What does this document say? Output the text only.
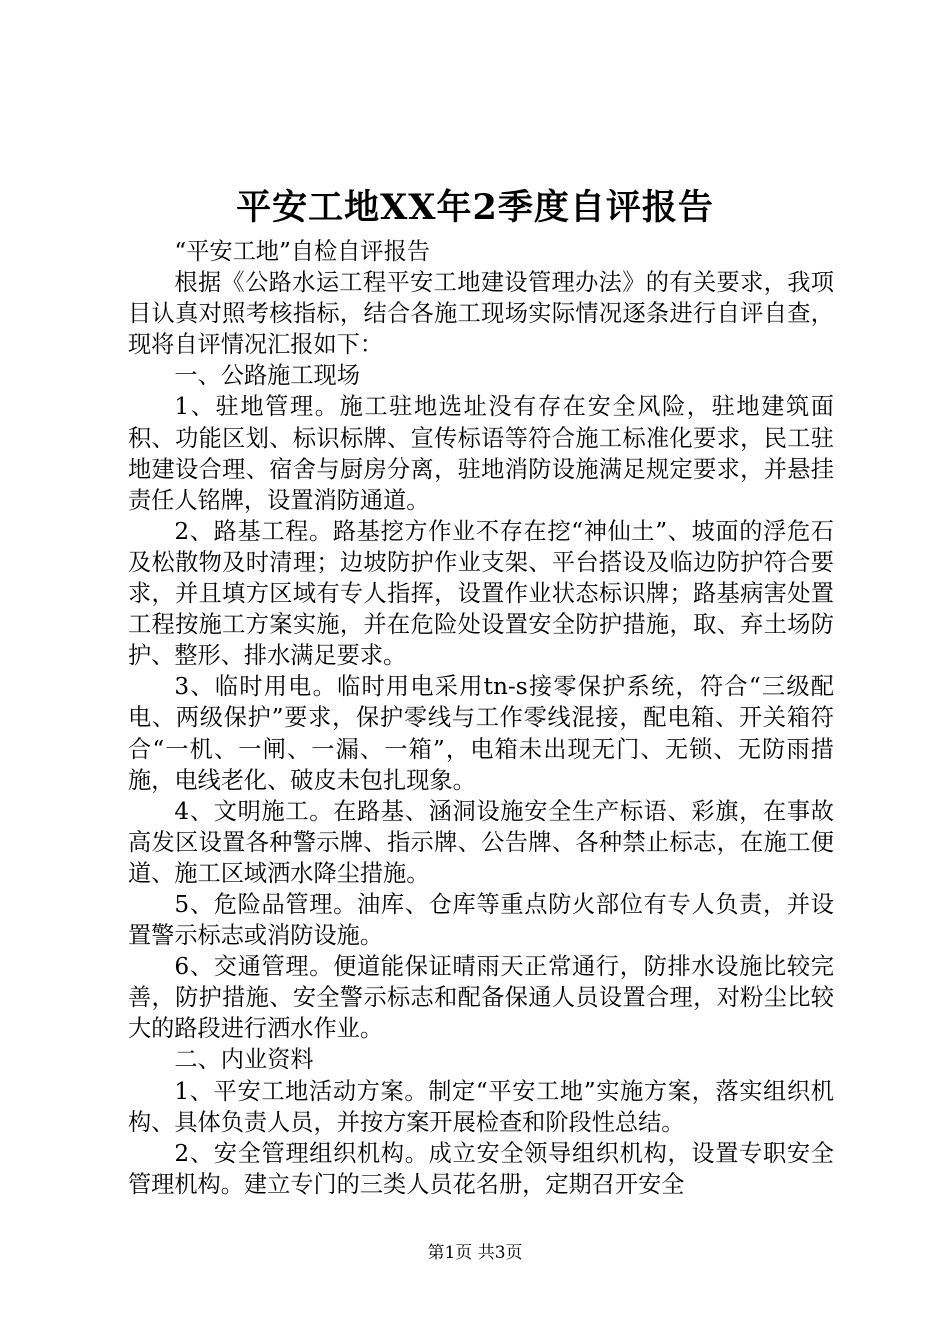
平安工地XX年2季度自评报告

“平安工地”自检自评报告

根据《公路水运工程平安工地建设管理办法》的有关要求，我项目认真对照考核指标，结合各施工现场实际情况逐条进行自评自查，现将自评情况汇报如下：

一、公路施工现场

1、驻地管理。施工驻地选址没有存在安全风险，驻地建筑面积、功能区划、标识标牌、宣传标语等符合施工标准化要求，民工驻地建设合理、宿舍与厨房分离，驻地消防设施满足规定要求，并悬挂责任人铭牌，设置消防通道。

2、路基工程。路基挖方作业不存在挖“神仙土”、坡面的浮危石及松散物及时清理；边坡防护作业支架、平台搭设及临边防护符合要求，并且填方区域有专人指挥，设置作业状态标识牌；路基病害处置工程按施工方案实施，并在危险处设置安全防护措施，取、弃土场防护、整形、排水满足要求。

3、临时用电。临时用电采用tn-s接零保护系统，符合“三级配电、两级保护”要求，保护零线与工作零线混接，配电箱、开关箱符合“一机、一闸、一漏、一箱”，电箱未出现无门、无锁、无防雨措施，电线老化、破皮未包扎现象。

4、文明施工。在路基、涵洞设施安全生产标语、彩旗，在事故高发区设置各种警示牌、指示牌、公告牌、各种禁止标志，在施工便道、施工区域洒水降尘措施。

5、危险品管理。油库、仓库等重点防火部位有专人负责，并设置警示标志或消防设施。

6、交通管理。便道能保证晴雨天正常通行，防排水设施比较完善，防护措施、安全警示标志和配备保通人员设置合理，对粉尘比较大的路段进行洒水作业。

二、内业资料

1、平安工地活动方案。制定“平安工地”实施方案，落实组织机构、具体负责人员，并按方案开展检查和阶段性总结。

2、安全管理组织机构。成立安全领导组织机构，设置专职安全管理机构。建立专门的三类人员花名册，定期召开安全

第1页 共3页
